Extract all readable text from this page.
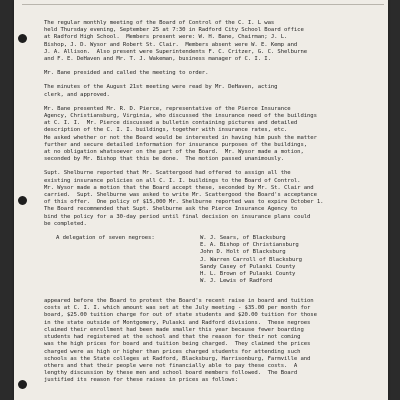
The regular monthly meeting of the Board of Control of the C. I. L was
held Thursday evening, September 25 at 7:30 in Radford City School Board office
at Radford High School.  Members present were: W. H. Bane, Chairman; J. L.
Bishop, J. D. Wysor and Robert St. Clair.  Members absent were W. E. Kemp and
J. A. Allison.  Also present were Superintendents F. C. Critzer, G. C. Shelburne
and F. E. DeHaven and Mr. T. J. Wakeman, business manager of C. I. I.
Mr. Bane presided and called the meeting to order.
The minutes of the August 21st meeting were read by Mr. DeHaven, acting
clerk, and approved.
Mr. Bane presented Mr. R. D. Pierce, representative of the Pierce Insurance
Agency, Christiansburg, Virginia, who discussed the insurance need of the buildings
at C. I. I.  Mr. Pierce discussed a bulletin containing pictures and detailed
description of the C. I. I. buildings, together with insurance rates, etc.
He asked whether or not the Board would be interested in having him push the matter
further and secure detailed information for insurance purposes of the buildings,
at no obligation whatsoever on the part of the Board.  Mr. Wysor made a motion,
seconded by Mr. Bishop that this be done.  The motion passed unanimously.
Supt. Shelburne reported that Mr. Scattergood had offered to assign all the
existing insurance policies on all C. I. I. buildings to the Board of Control.
Mr. Wysor made a motion that the Board accept these, seconded by Mr. St. Clair and
carried.  Supt. Shelburne was asked to write Mr. Scattergood the Board's acceptance
of this offer.  One policy of $15,000 Mr. Shelburne reported was to expire October 1.
The Board recommended that Supt. Shelburne ask the Pierce Insurance Agency to
bind the policy for a 30-day period until final decision on insurance plans could
be completed.
A delegation of seven negroes:	W. J. Sears, of Blacksburg
E. A. Bishop of Christiansburg
John D. Holt of Blacksburg
J. Warren Carroll of Blacksburg
Sandy Casey of Pulaski County
H. L. Brown of Pulaski County
W. J. Lewis of Radford
appeared before the Board to protest the Board's recent raise in board and tuition
costs at C. I. I. which amount was set at the July meeting - $35.00 per month for
board, $25.00 tuition charge for out of state students and $20.00 tuition for those
in the state outside of Montgomery, Pulaski and Radford divisions.  These negroes
claimed their enrollment had been made smaller this year because fewer boarding
students had registered at the school and that the reason for their not coming
was the high prices for board and tuition being charged.  They claimed the prices
charged were as high or higher than prices charged students for attending such
schools as the State colleges at Radford, Blacksburg, Harrisonburg, Farmville and
others and that their people were not financially able to pay these costs.  A
lengthy discussion by these men and school board members followed.  The Board
justified its reason for these raises in prices as follows:
